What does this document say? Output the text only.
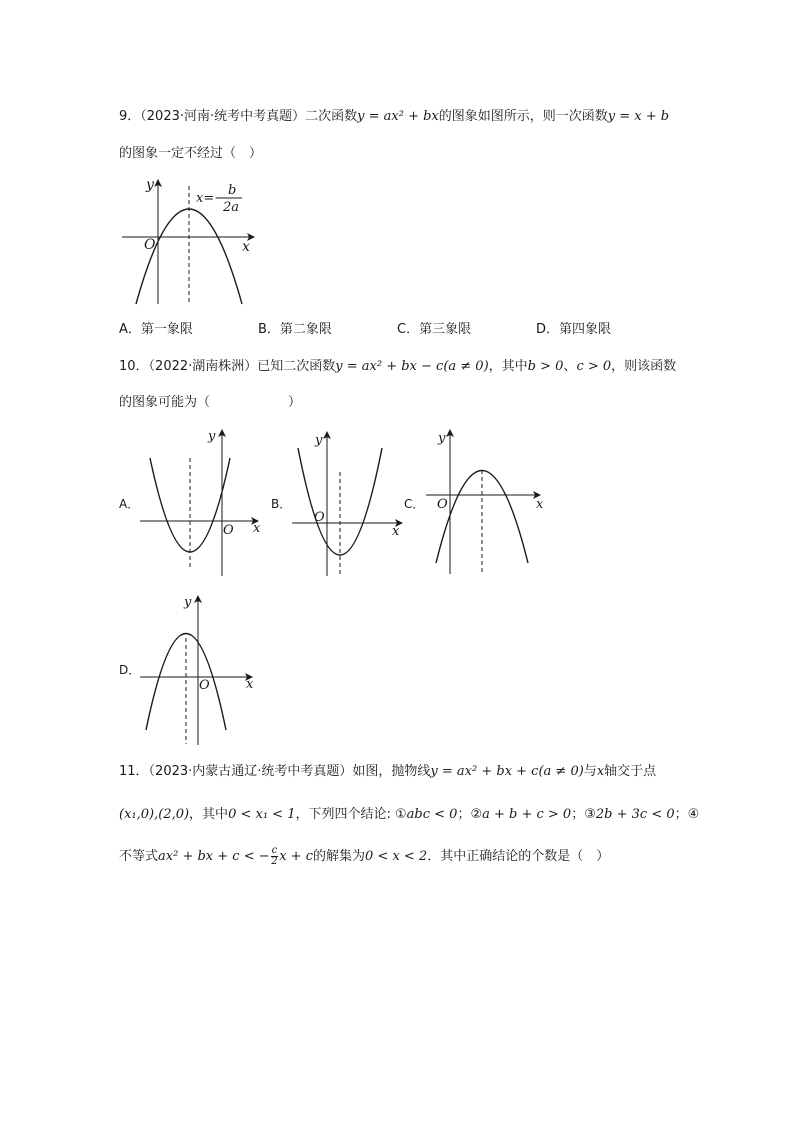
9．（2023·河南·统考中考真题）二次函数y = ax² + bx的图象如图所示，则一次函数y = x + b
的图象一定不经过（　）
y
x
O
x=−
b
2a
A．第一象限	B．第二象限	C．第三象限	D．第四象限
10．（2022·湖南株洲）已知二次函数y = ax² + bx − c(a ≠ 0)，其中b > 0、c > 0，则该函数
的图象可能为（　　　　　　）
A．
y
x
O
B．
y
x
O
C．
y
x
O
D．
y
x
O
11．（2023·内蒙古通辽·统考中考真题）如图，抛物线y = ax² + bx + c(a ≠ 0)与x轴交于点
(x₁,0),(2,0)，其中0 < x₁ < 1，下列四个结论: ①abc < 0；②a + b + c > 0；③2b + 3c < 0；④
不等式ax² + bx + c < − $\frac{c}{2}$ x + c的解集为0 < x < 2．其中正确结论的个数是（　）
